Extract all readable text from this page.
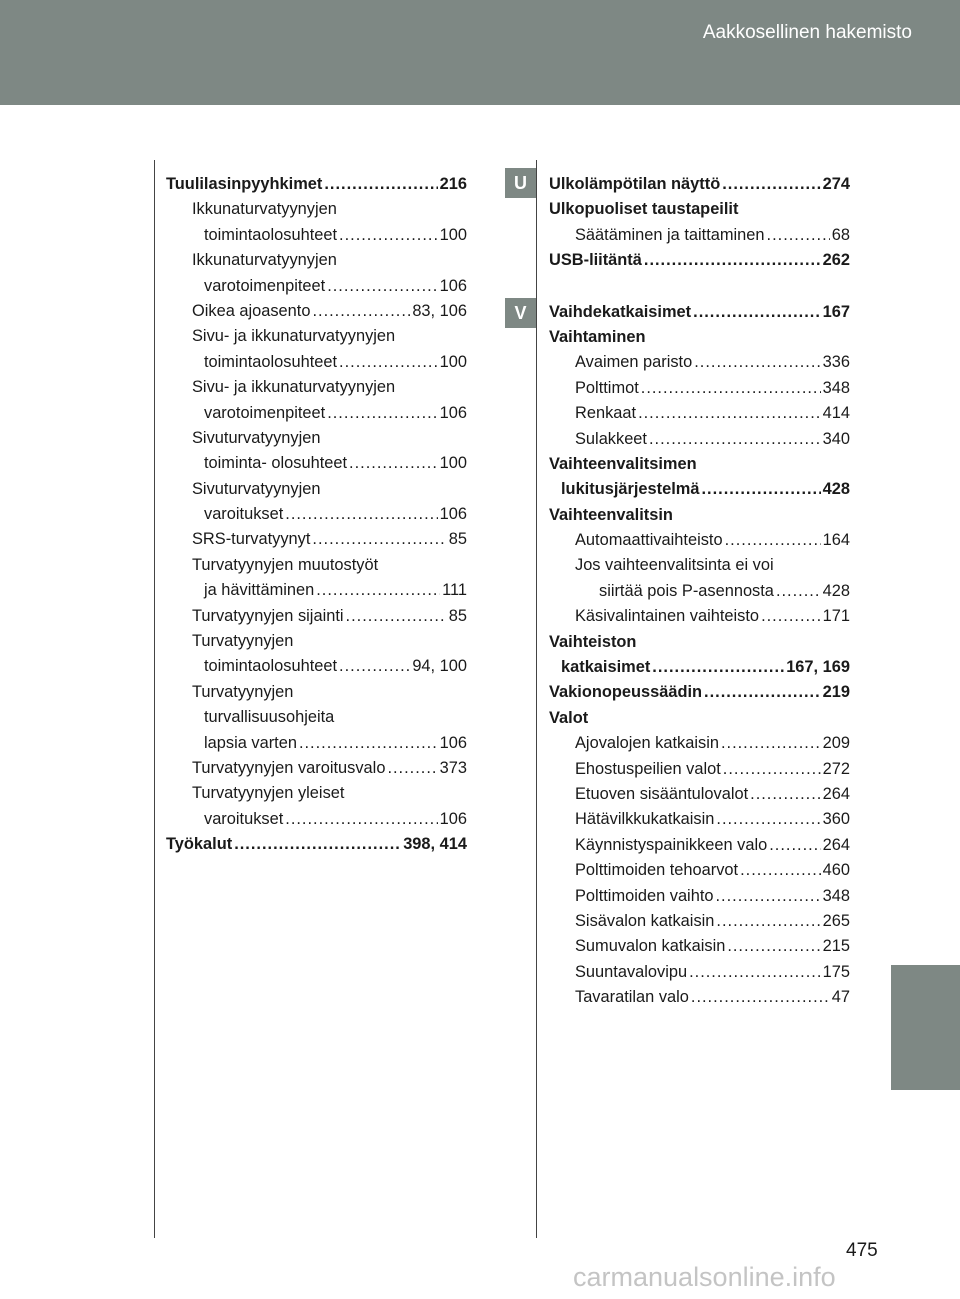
Aakkosellinen hakemisto
U
V
Tuulilasinpyyhkimet .....	216
Ikkunaturvatyynyjen
toimintaolosuhteet .....	100
Ikkunaturvatyynyjen
varotoimenpiteet .....	106
Oikea ajoasento .....	83, 106
Sivu- ja ikkunaturvatyynyjen
toimintaolosuhteet .....	100
Sivu- ja ikkunaturvatyynyjen
varotoimenpiteet .....	106
Sivuturvatyynyjen
toiminta- olosuhteet .....	100
Sivuturvatyynyjen
varoitukset .....	106
SRS-turvatyynyt .....	85
Turvatyynyjen muutostyöt
ja hävittäminen .....	111
Turvatyynyjen sijainti .....	85
Turvatyynyjen
toimintaolosuhteet .....	94, 100
Turvatyynyjen
turvallisuusohjeita
lapsia varten .....	106
Turvatyynyjen varoitusvalo .....	373
Turvatyynyjen yleiset
varoitukset .....	106
Työkalut .....	398, 414
Ulkolämpötilan näyttö .....	274
Ulkopuoliset taustapeilit
Säätäminen ja taittaminen .....	68
USB-liitäntä .....	262
Vaihdekatkaisimet .....	167
Vaihtaminen
Avaimen paristo .....	336
Polttimot .....	348
Renkaat .....	414
Sulakkeet .....	340
Vaihteenvalitsimen
lukitusjärjestelmä .....	428
Vaihteenvalitsin
Automaattivaihteisto .....	164
Jos vaihteenvalitsinta ei voi
siirtää pois P-asennosta .....	428
Käsivalintainen vaihteisto .....	171
Vaihteiston
katkaisimet .....	167, 169
Vakionopeussäädin .....	219
Valot
Ajovalojen katkaisin .....	209
Ehostuspeilien valot .....	272
Etuoven sisääntulovalot .....	264
Hätävilkkukatkaisin .....	360
Käynnistyspainikkeen valo .....	264
Polttimoiden tehoarvot .....	460
Polttimoiden vaihto .....	348
Sisävalon katkaisin .....	265
Sumuvalon katkaisin .....	215
Suuntavalovipu .....	175
Tavaratilan valo .....	47
475
carmanualsonline.info
